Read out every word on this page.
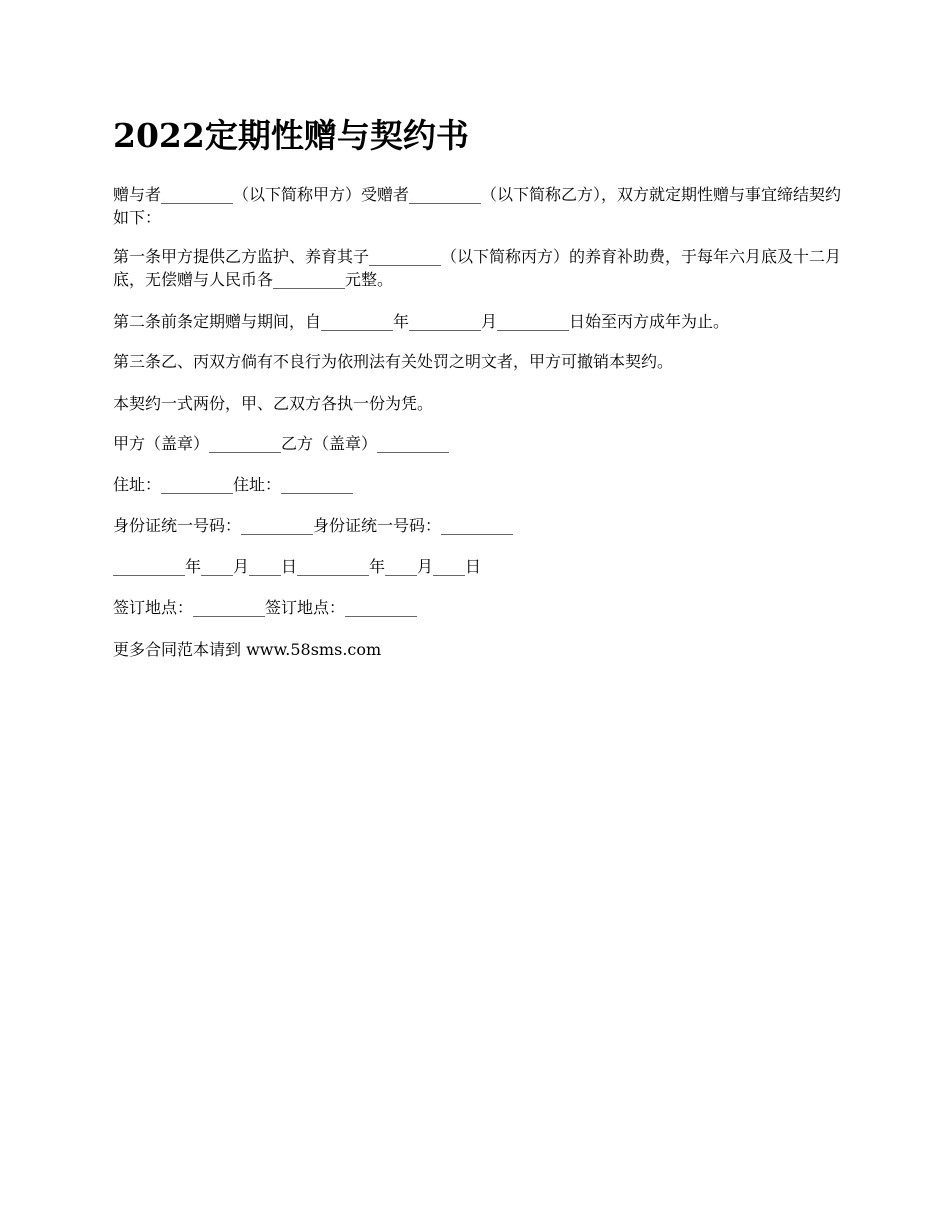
2022定期性赠与契约书

赠与者_________（以下简称甲方）受赠者_________（以下简称乙方），双方就定期性赠与事宜缔结契约如下：

第一条甲方提供乙方监护、养育其子_________（以下简称丙方）的养育补助费，于每年六月底及十二月底，无偿赠与人民币各_________元整。

第二条前条定期赠与期间，自_________年_________月_________日始至丙方成年为止。

第三条乙、丙双方倘有不良行为依刑法有关处罚之明文者，甲方可撤销本契约。

本契约一式两份，甲、乙双方各执一份为凭。

甲方（盖章）_________乙方（盖章）_________

住址：_________住址：_________

身份证统一号码：_________身份证统一号码：_________

_________年____月____日_________年____月____日

签订地点：_________签订地点：_________

更多合同范本请到 www.58sms.com
